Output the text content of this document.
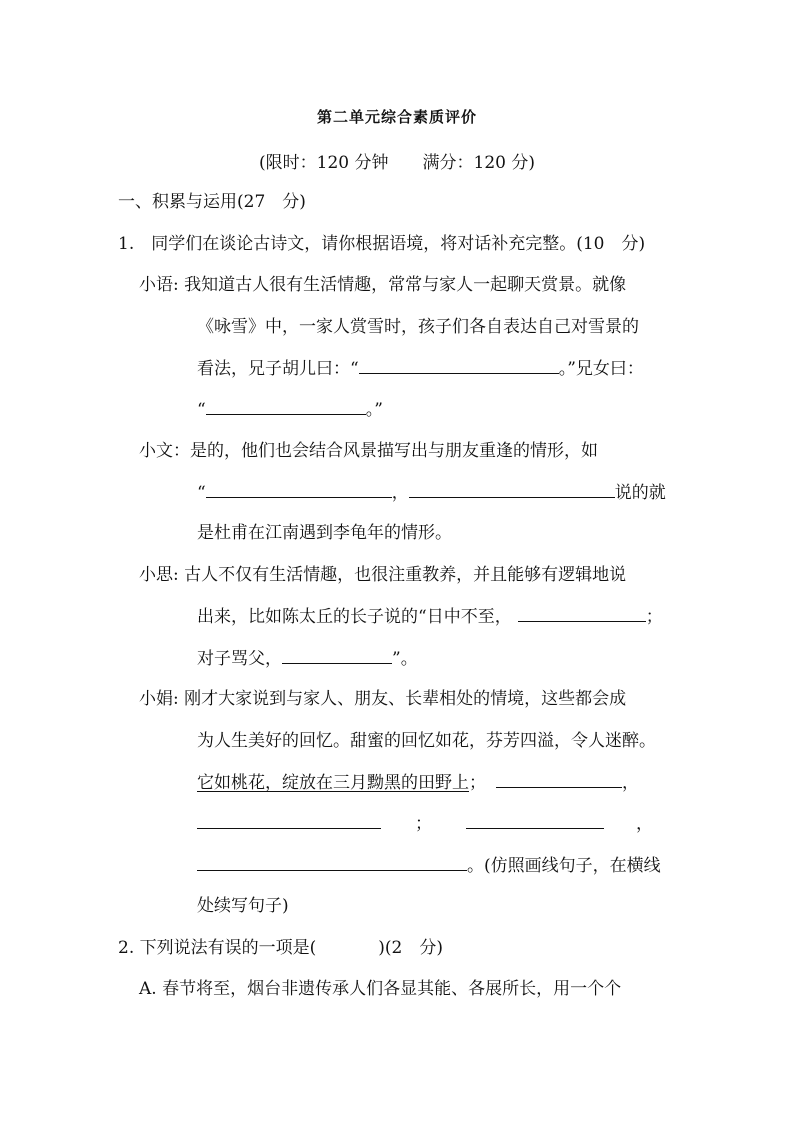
第二单元综合素质评价
(限时：120 分钟 满分：120 分)
一、积累与运用(27　分)
1.　同学们在谈论古诗文，请你根据语境，将对话补充完整。(10　分)
小语: 我知道古人很有生活情趣，常常与家人一起聊天赏景。就像
《咏雪》中，一家人赏雪时，孩子们各自表达自己对雪景的
看法，兄子胡儿曰：“	。”兄女曰：
“	。”
小文：是的，他们也会结合风景描写出与朋友重逢的情形，如
“	，	说的就
是杜甫在江南遇到李龟年的情形。
小思: 古人不仅有生活情趣，也很注重教养，并且能够有逻辑地说
出来，比如陈太丘的长子说的“日中不至，	；
对子骂父，	”。
小娟: 刚才大家说到与家人、朋友、长辈相处的情境，这些都会成
为人生美好的回忆。甜蜜的回忆如花，芬芳四溢，令人迷醉。
它如桃花，绽放在三月黝黑的田野上；	，
；	，
。(仿照画线句子，在横线
处续写句子)
2. 下列说法有误的一项是(	)(2　分)
A. 春节将至，烟台非遗传承人们各显其能、各展所长，用一个个
